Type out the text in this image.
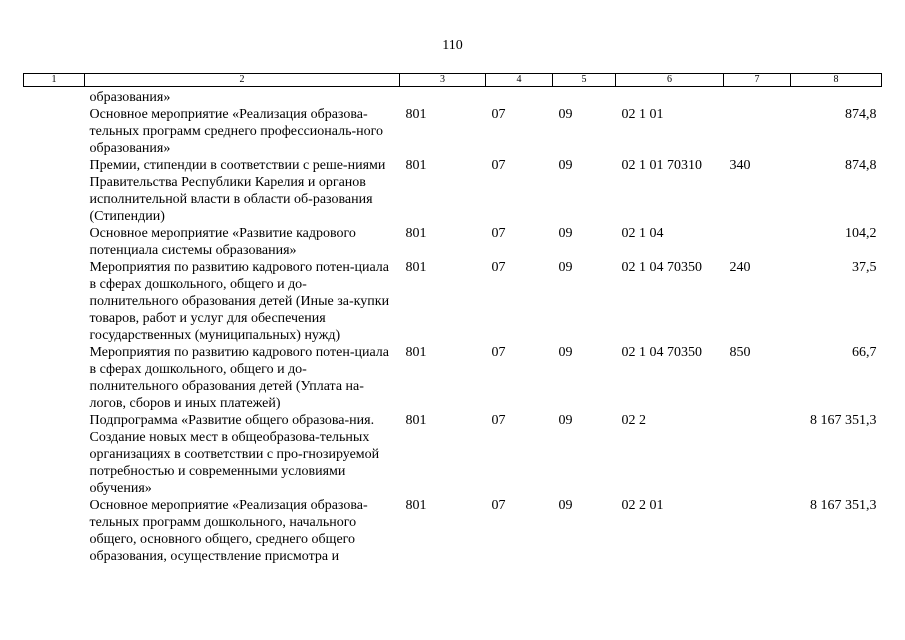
110
1	2	3	4	5	6	7	8
образования»							
Основное мероприятие «Реализация образова-тельных программ среднего профессиональ-ного образования»		801	07	09	02 1 01		874,8
Премии, стипендии в соответствии с реше-ниями Правительства Республики Карелия и органов исполнительной власти в области об-разования (Стипендии)		801	07	09	02 1 01 70310	340	874,8
Основное мероприятие «Развитие кадрового потенциала системы образования»		801	07	09	02 1 04		104,2
Мероприятия по развитию кадрового потен-циала в сферах дошкольного, общего и до-полнительного образования детей (Иные за-купки товаров, работ и услуг для обеспечения государственных (муниципальных) нужд)		801	07	09	02 1 04 70350	240	37,5
Мероприятия по развитию кадрового потен-циала в сферах дошкольного, общего и до-полнительного образования детей (Уплата на-логов, сборов и иных платежей)		801	07	09	02 1 04 70350	850	66,7
Подпрограмма «Развитие общего образова-ния. Создание новых мест в общеобразова-тельных организациях в соответствии с про-гнозируемой потребностью и современными условиями обучения»		801	07	09	02 2		8 167 351,3
Основное мероприятие «Реализация образова-тельных программ дошкольного, начального общего, основного общего, среднего общего образования, осуществление присмотра и		801	07	09	02 2 01		8 167 351,3
